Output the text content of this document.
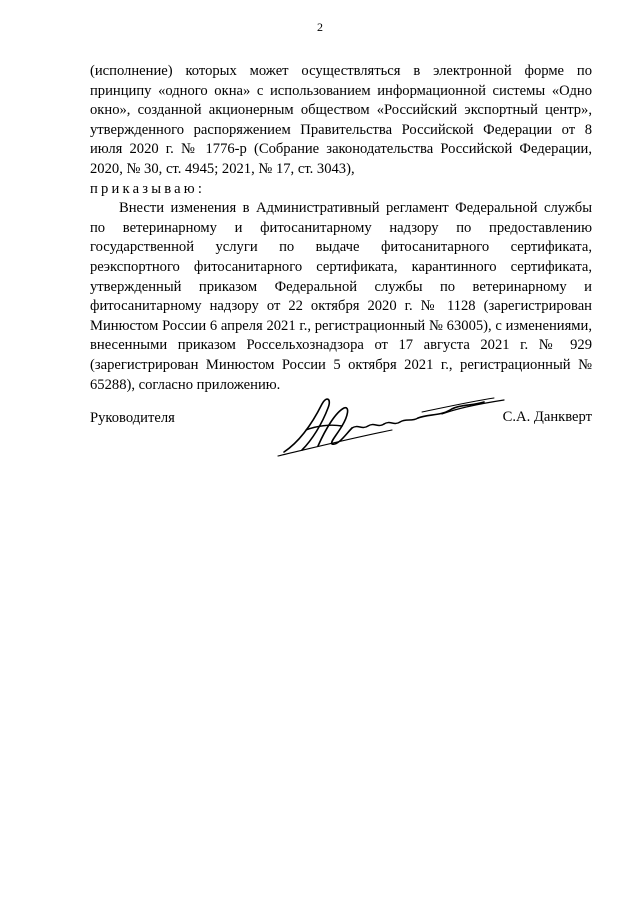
2

(исполнение) которых может осуществляться в электронной форме по принципу «одного окна» с использованием информационной системы «Одно окно», созданной акционерным обществом «Российский экспортный центр», утвержденного распоряжением Правительства Российской Федерации от 8 июля 2020 г. № 1776-р (Собрание законодательства Российской Федерации, 2020, № 30, ст. 4945; 2021, № 17, ст. 3043),
приказываю:

Внести изменения в Административный регламент Федеральной службы по ветеринарному и фитосанитарному надзору по предоставлению государственной услуги по выдаче фитосанитарного сертификата, реэкспортного фитосанитарного сертификата, карантинного сертификата, утвержденный приказом Федеральной службы по ветеринарному и фитосанитарному надзору от 22 октября 2020 г. № 1128 (зарегистрирован Минюстом России 6 апреля 2021 г., регистрационный № 63005), с изменениями, внесенными приказом Россельхознадзора от 17 августа 2021 г. № 929 (зарегистрирован Минюстом России 5 октября 2021 г., регистрационный № 65288), согласно приложению.

Руководителя	С.А. Данкверт
